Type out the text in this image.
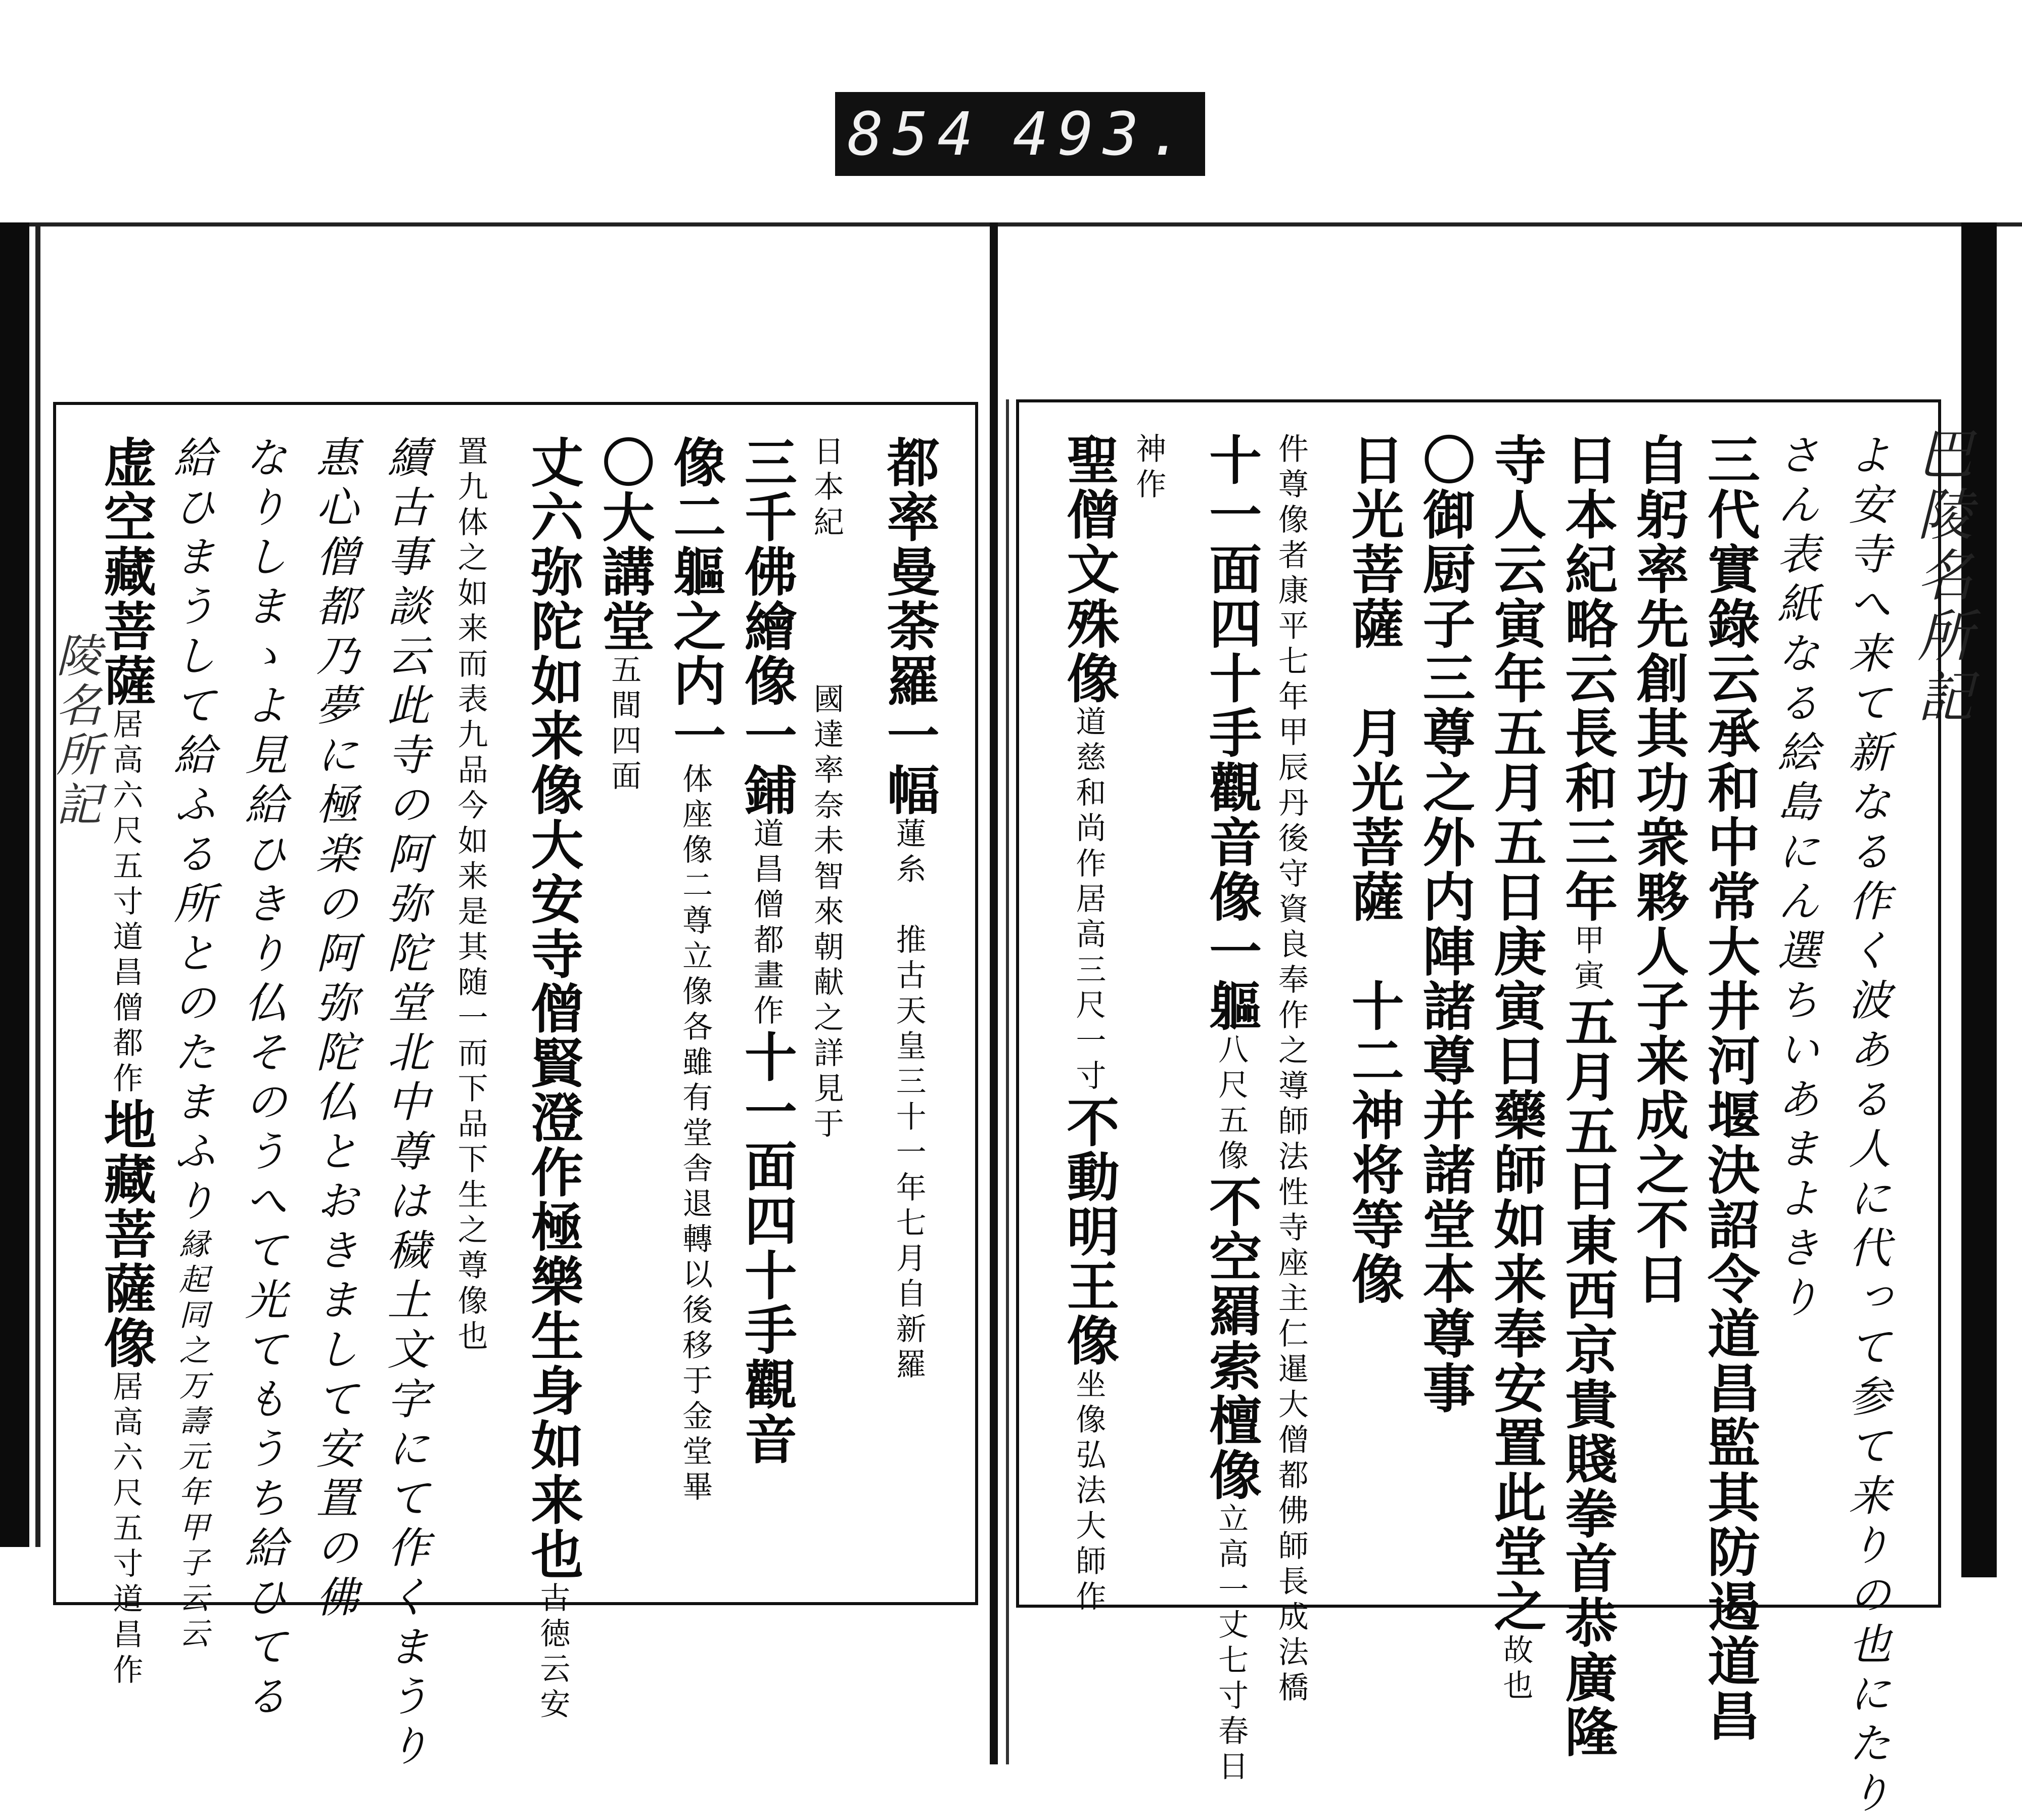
854 493.
巴陵名所記
陵名所記	よ安寺へ来て新なる作く波ある人に代って参て来りの也にたり
さん表紙なる絵島にん選ちいあまよきり
三代實錄云承和中常大井河堰決詔令道昌監其防遏道昌
自躬率先創其功衆夥人子来成之不日
日本紀略云長和三年甲寅五月五日東西京貴賤拳首恭廣隆
寺人云寅年五月五日庚寅日藥師如来奉安置此堂之故也
〇御厨子三尊之外内陣諸尊并諸堂本尊事
日光菩薩　月光菩薩　十二神将等像
件尊像者康平七年甲辰丹後守資良奉作之導師法性寺座主仁暹大僧都佛師長成法橋
十一面四十手觀音像一軀八尺五像不空羂索檀像立高一丈七寸春日
神作
聖僧文殊像道慈和尚作居高三尺一寸不動明王像坐像弘法大師作
都率曼荼羅一幅蓮糸　推古天皇三十一年七月自新羅
日本紀　　　　國達率奈未智來朝献之詳見于
三千佛繪像一鋪道昌僧都畫作十一面四十手觀音
像二軀之内一体座像二尊立像各雖有堂舎退轉以後移于金堂畢
〇大講堂五間四面
丈六弥陀如来像大安寺僧賢澄作極樂生身如来也古徳云安
置九体之如来而表九品今如来是其随一而下品下生之尊像也
續古事談云此寺の阿弥陀堂北中尊は穢土文字にて作くまうり
惠心僧都乃夢に極楽の阿弥陀仏とおきまして安置の佛
なりしまゝよ見給ひきり仏そのうへて光てもうち給ひてる
給ひまうして給ふる所とのたまふり縁起同之万壽元年甲子云云
虚空藏菩薩居高六尺五寸道昌僧都作地藏菩薩像居高六尺五寸道昌作
